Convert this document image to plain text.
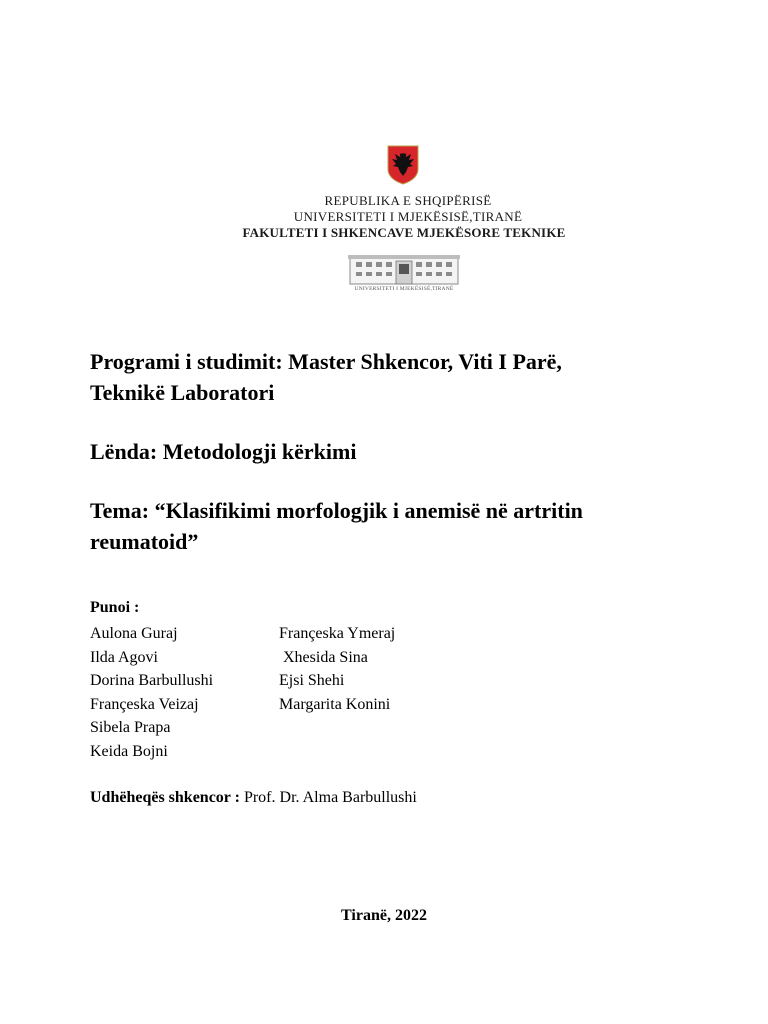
REPUBLIKA E SHQIPËRISË
UNIVERSITETI I MJEKËSISË,TIRANË
FAKULTETI I SHKENCAVE MJEKËSORE TEKNIKE
UNIVERSITETI I MJEKËSISË,TIRANË
Programi i studimit: Master Shkencor, Viti I Parë,
Teknikë Laboratori
Lënda: Metodologji kërkimi
Tema: “Klasifikimi morfologjik i anemisë në artritin
reumatoid”
Punoi :
Aulona Guraj
Ilda Agovi
Dorina Barbullushi
Françeska Veizaj
Sibela Prapa
Keida Bojni
Françeska Ymeraj
Xhesida Sina
Ejsi Shehi
Margarita Konini
Udhëheqës shkencor : Prof. Dr. Alma Barbullushi
Tiranë, 2022
